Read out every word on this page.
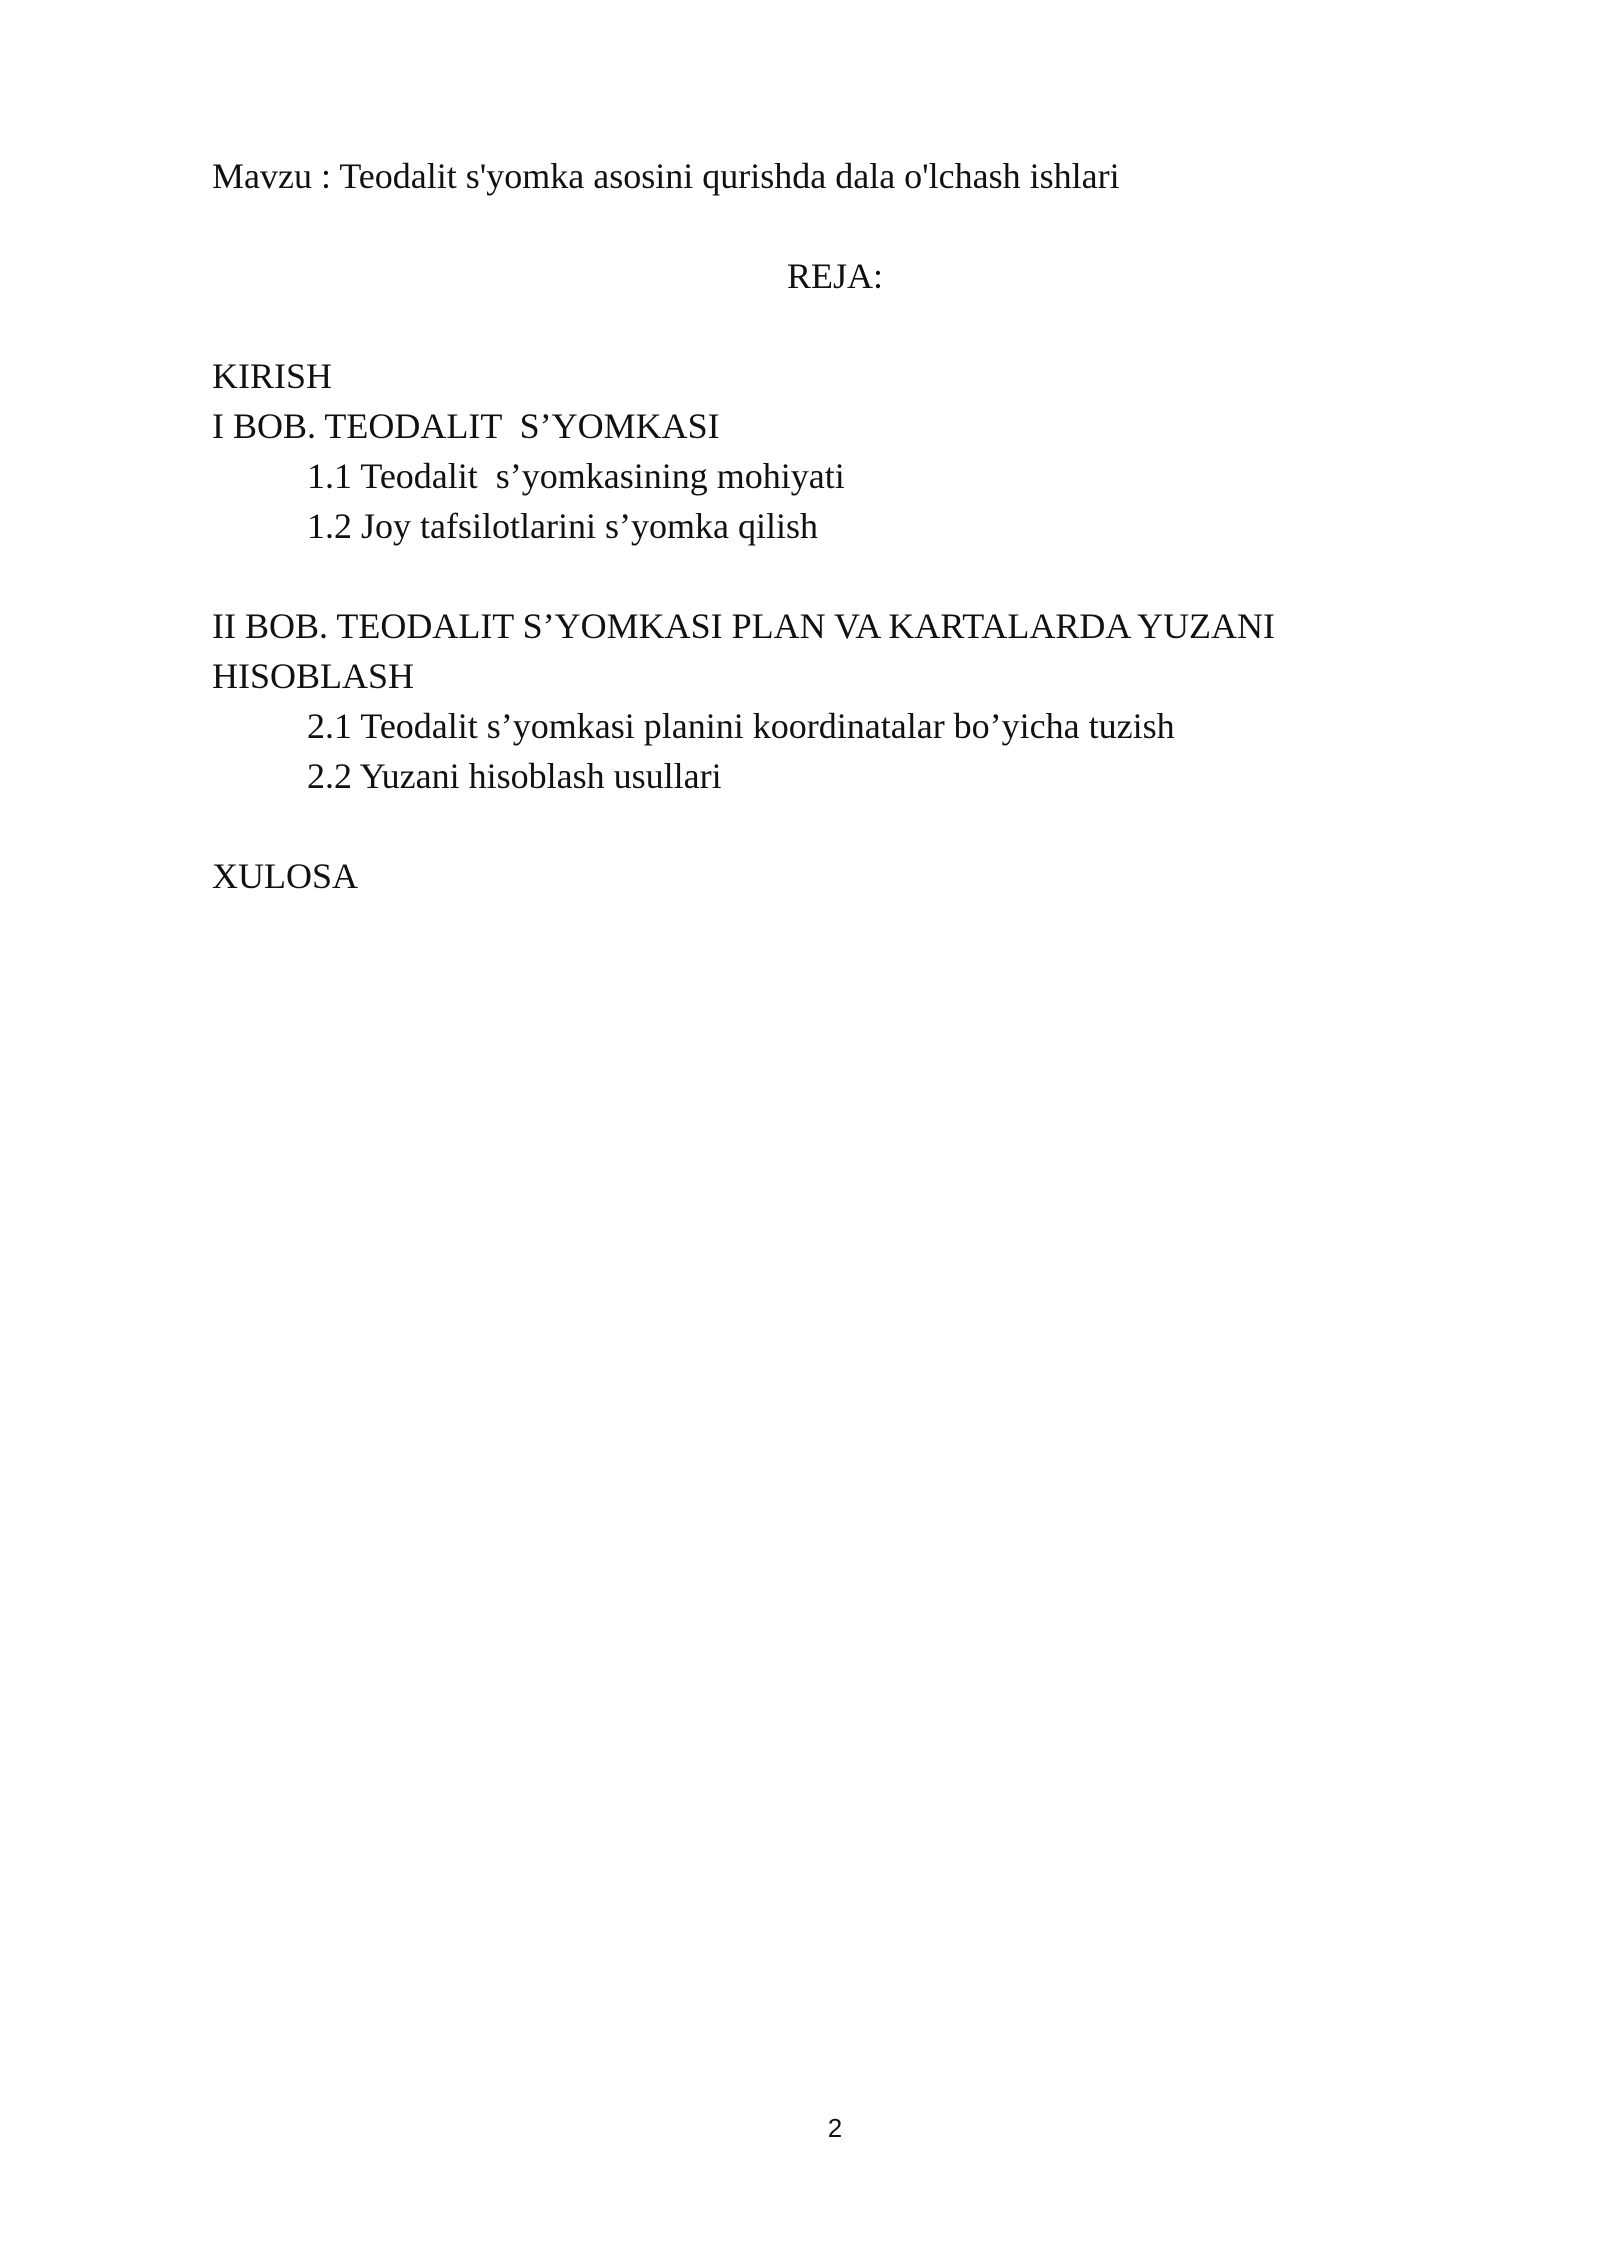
Mavzu : Teodalit s'yomka asosini qurishda dala o'lchash ishlari

REJA:

KIRISH

I BOB. TEODALIT  S’YOMKASI

1.1 Teodalit  s’yomkasining mohiyati

1.2 Joy tafsilotlarini s’yomka qilish

II BOB. TEODALIT S’YOMKASI PLAN VA KARTALARDA YUZANI

HISOBLASH

2.1 Teodalit s’yomkasi planini koordinatalar bo’yicha tuzish

2.2 Yuzani hisoblash usullari

XULOSA

2
